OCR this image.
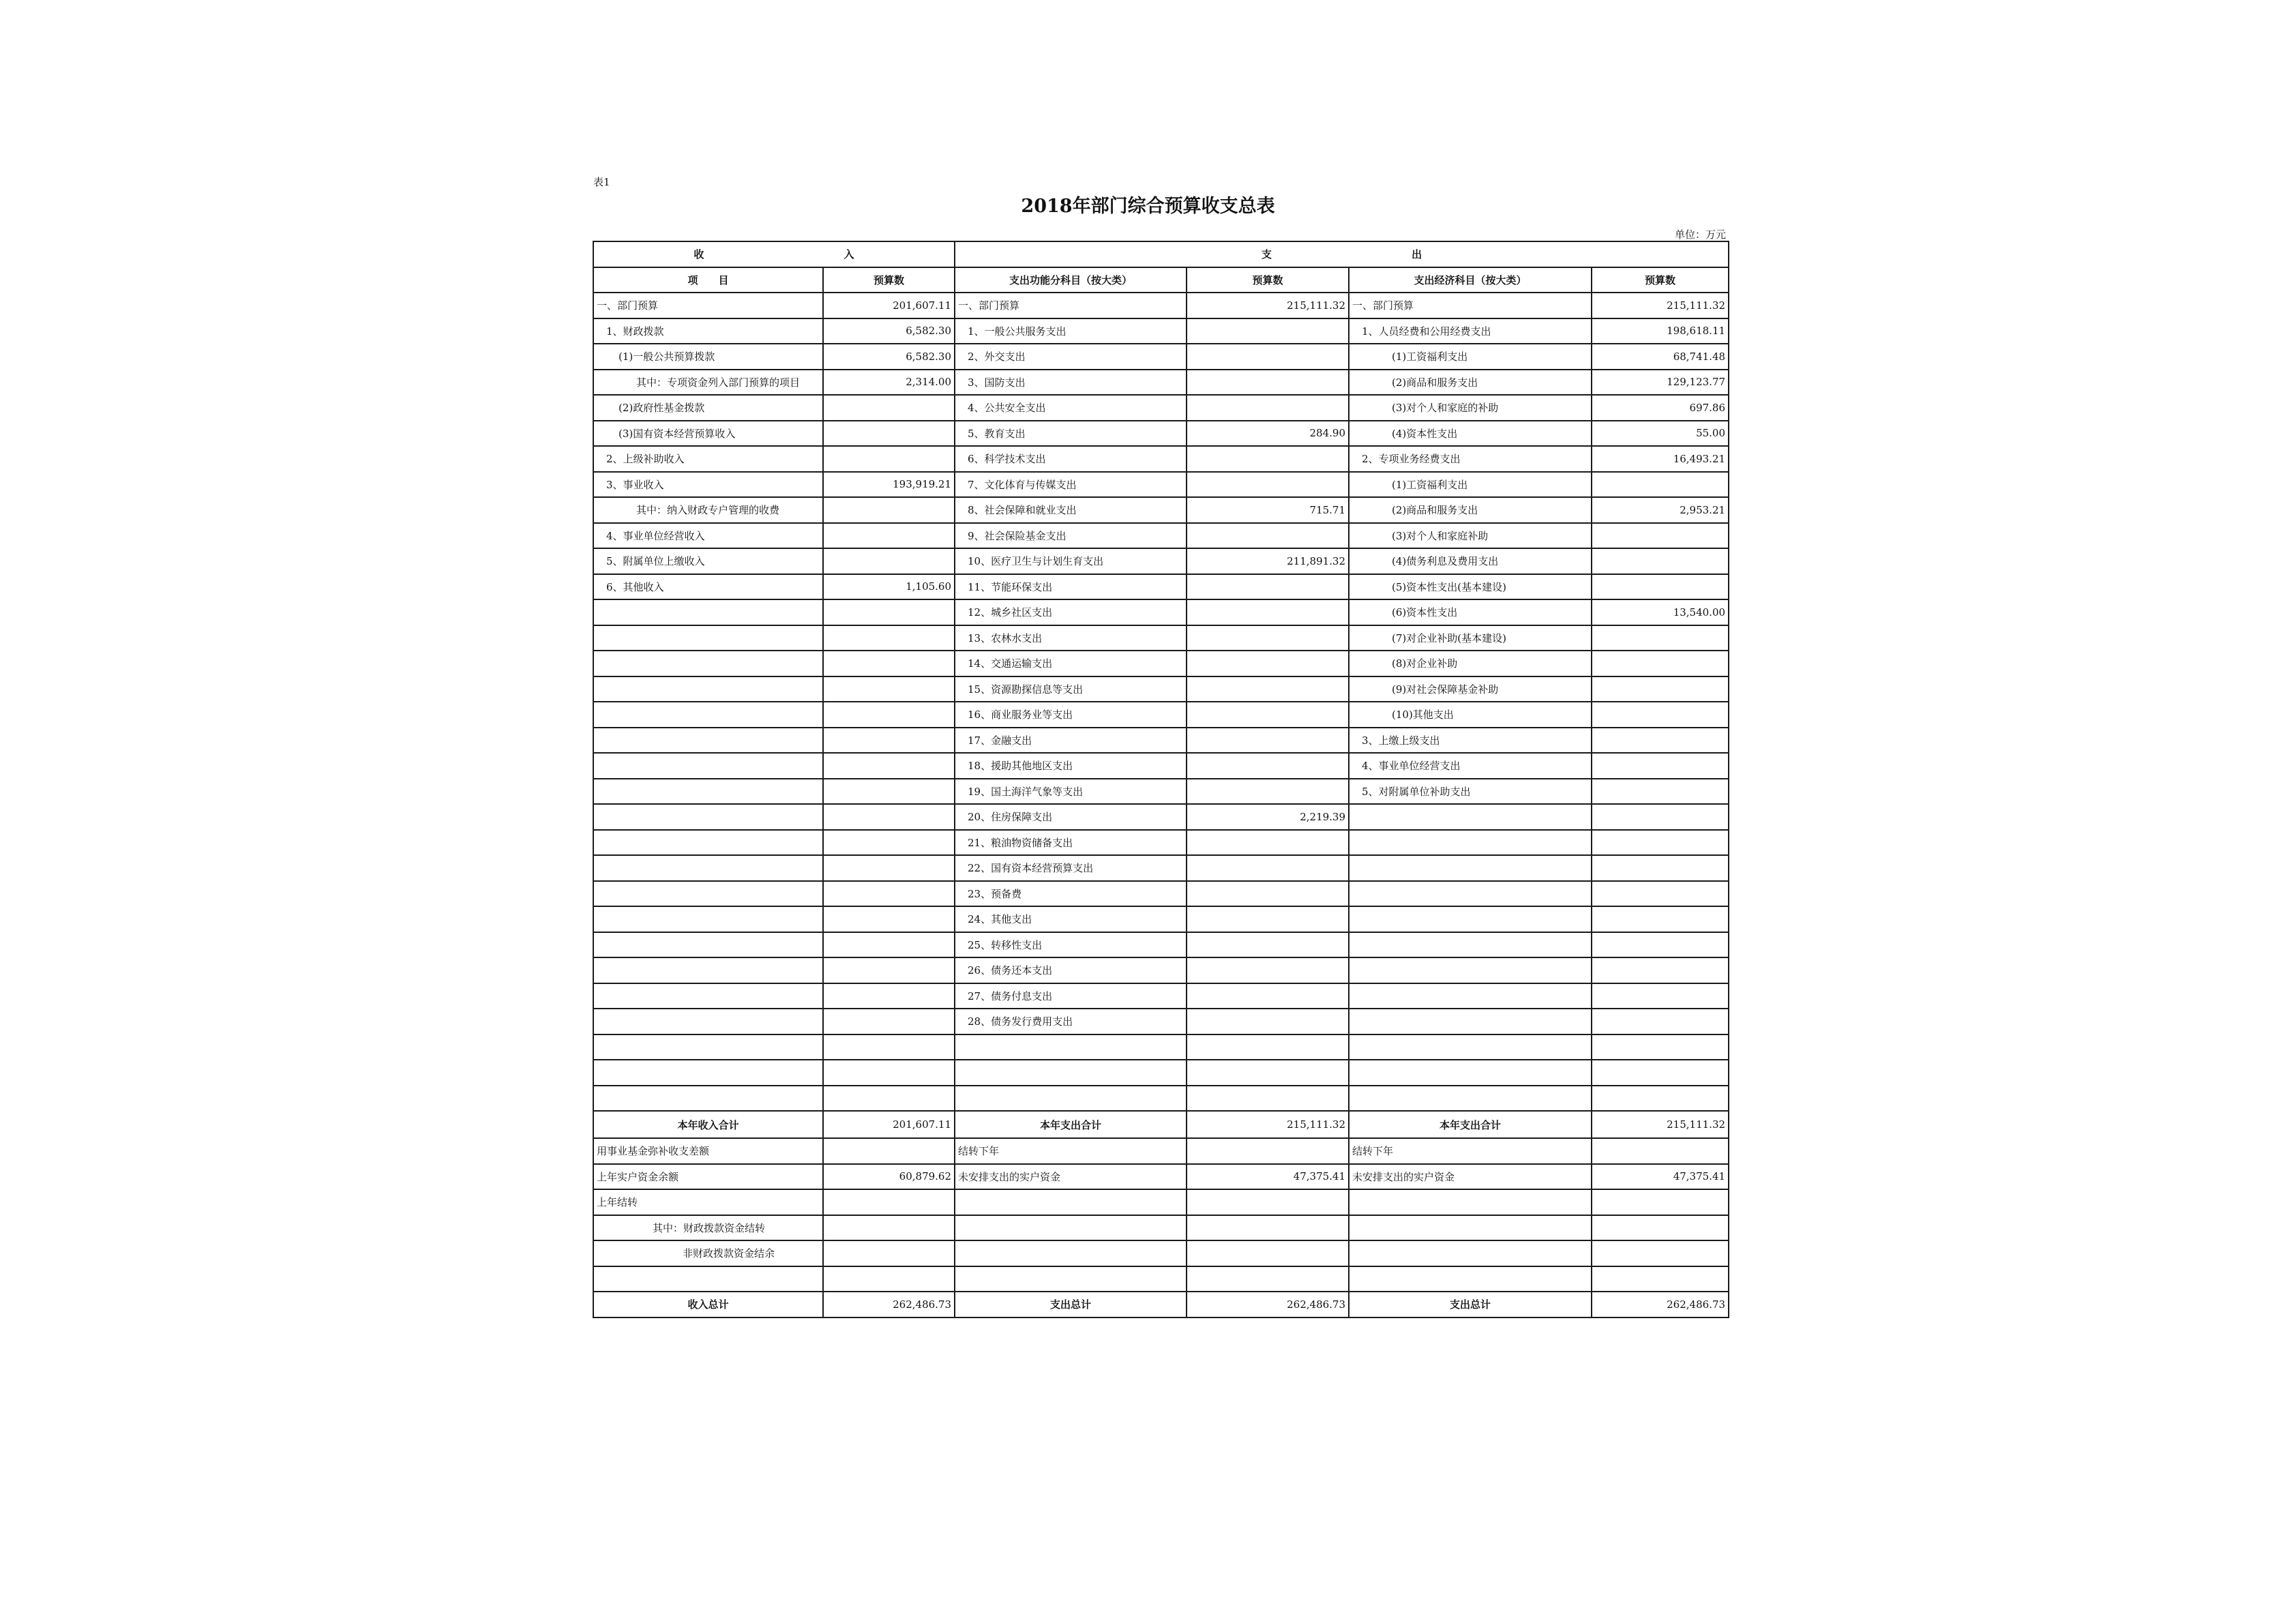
表1
2018年部门综合预算收支总表
单位：万元
收 入		支 出			
项　　目	预算数	支出功能分科目（按大类）	预算数	支出经济科目（按大类）	预算数
一、部门预算	201,607.11	一、部门预算	215,111.32	一、部门预算	215,111.32
1、财政拨款	6,582.30	1、一般公共服务支出		1、人员经费和公用经费支出	198,618.11
(1)一般公共预算拨款	6,582.30	2、外交支出		(1)工资福利支出	68,741.48
其中：专项资金列入部门预算的项目	2,314.00	3、国防支出		(2)商品和服务支出	129,123.77
(2)政府性基金拨款		4、公共安全支出		(3)对个人和家庭的补助	697.86
(3)国有资本经营预算收入		5、教育支出	284.90	(4)资本性支出	55.00
2、上级补助收入		6、科学技术支出		2、专项业务经费支出	16,493.21
3、事业收入	193,919.21	7、文化体育与传媒支出		(1)工资福利支出	
其中：纳入财政专户管理的收费		8、社会保障和就业支出	715.71	(2)商品和服务支出	2,953.21
4、事业单位经营收入		9、社会保险基金支出		(3)对个人和家庭补助	
5、附属单位上缴收入		10、医疗卫生与计划生育支出	211,891.32	(4)债务利息及费用支出	
6、其他收入	1,105.60	11、节能环保支出		(5)资本性支出(基本建设)	
		12、城乡社区支出		(6)资本性支出	13,540.00
		13、农林水支出		(7)对企业补助(基本建设)	
		14、交通运输支出		(8)对企业补助	
		15、资源勘探信息等支出		(9)对社会保障基金补助	
		16、商业服务业等支出		(10)其他支出	
		17、金融支出		3、上缴上级支出	
		18、援助其他地区支出		4、事业单位经营支出	
		19、国土海洋气象等支出		5、对附属单位补助支出	
		20、住房保障支出	2,219.39		
		21、粮油物资储备支出			
		22、国有资本经营预算支出			
		23、预备费			
		24、其他支出			
		25、转移性支出			
		26、债务还本支出			
		27、债务付息支出			
		28、债务发行费用支出			

本年收入合计	201,607.11	本年支出合计	215,111.32	本年支出合计	215,111.32
用事业基金弥补收支差额		结转下年		结转下年	
上年实户资金余额	60,879.62	未安排支出的实户资金	47,375.41	未安排支出的实户资金	47,375.41
上年结转					
其中：财政拨款资金结转					
非财政拨款资金结余					

收入总计	262,486.73	支出总计	262,486.73	支出总计	262,486.73
